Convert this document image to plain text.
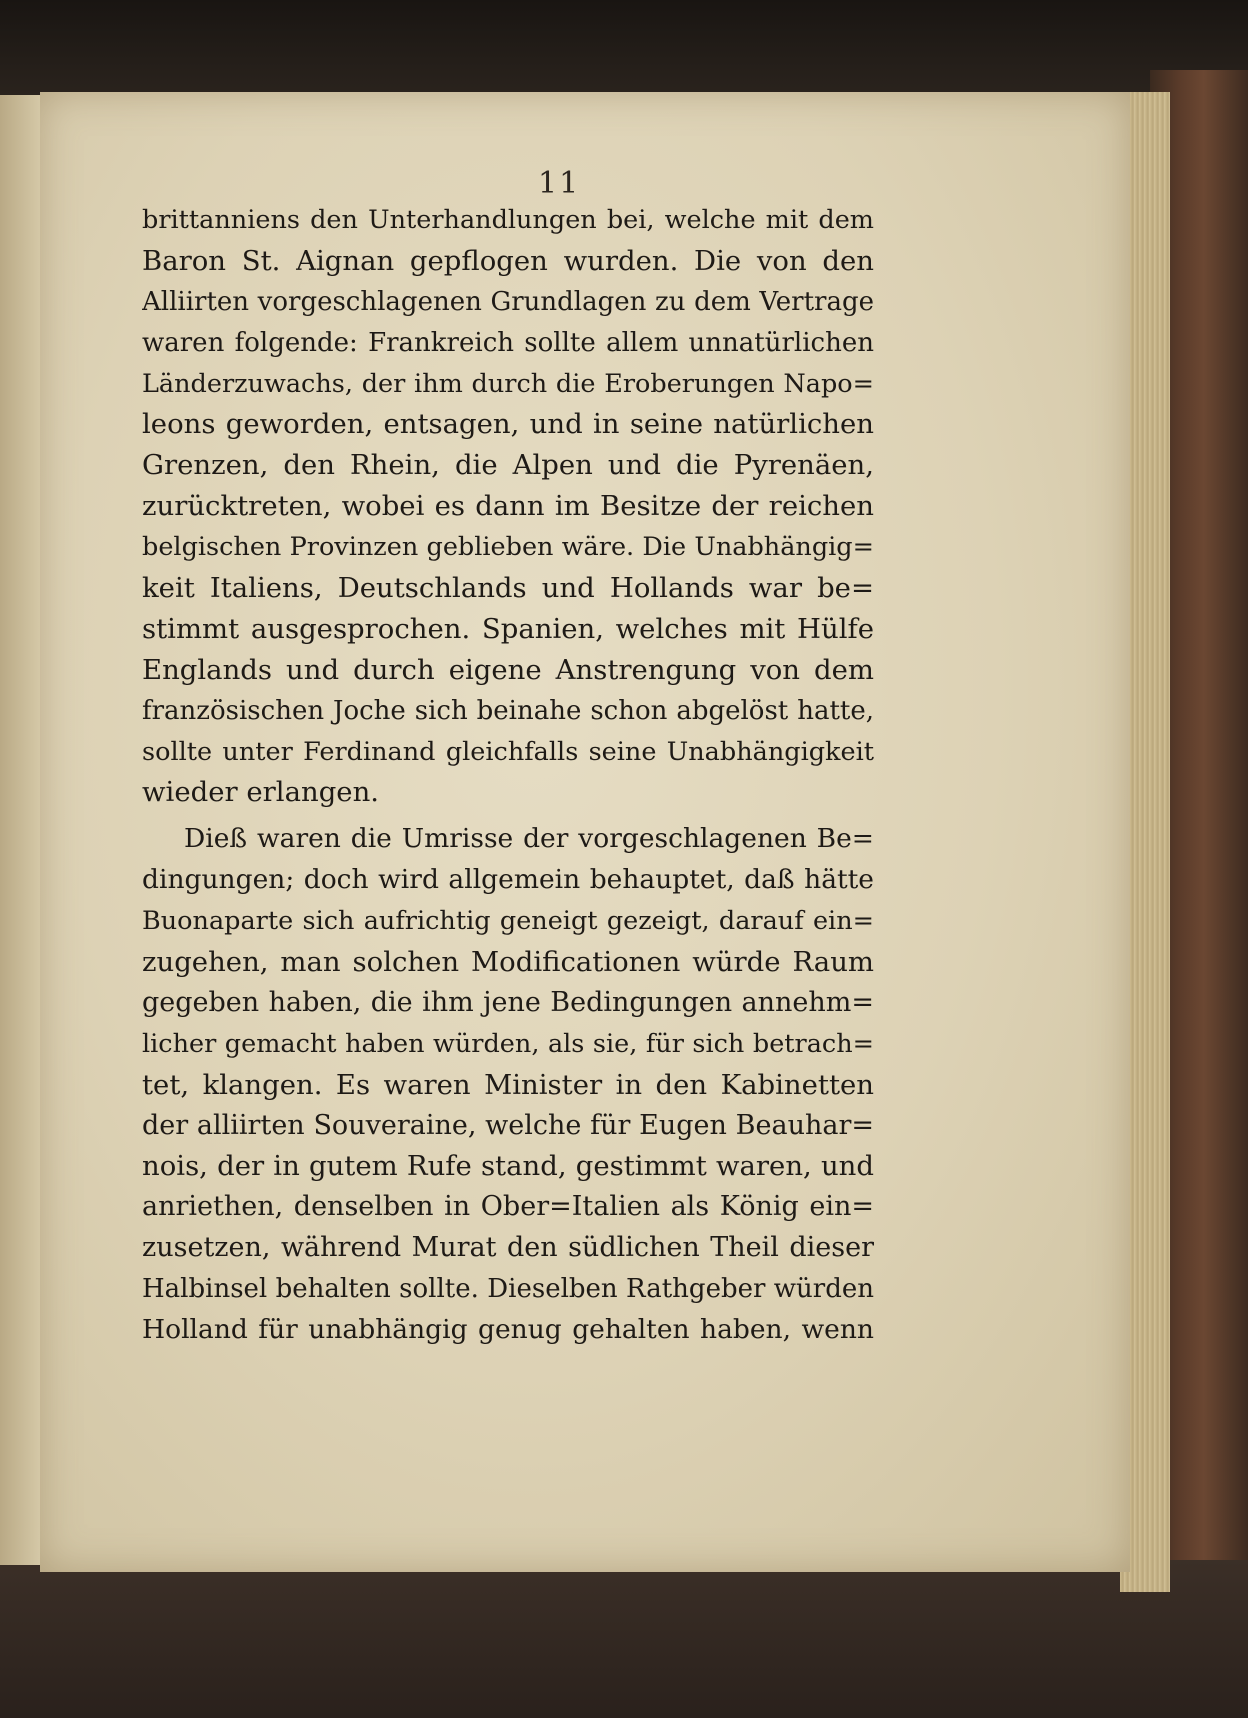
11
brittanniens den Unterhandlungen bei, welche mit dem
Baron St. Aignan gepflogen wurden. Die von den
Alliirten vorgeschlagenen Grundlagen zu dem Vertrage
waren folgende: Frankreich sollte allem unnatürlichen
Länderzuwachs, der ihm durch die Eroberungen Napo=
leons geworden, entsagen, und in seine natürlichen
Grenzen, den Rhein, die Alpen und die Pyrenäen,
zurücktreten, wobei es dann im Besitze der reichen
belgischen Provinzen geblieben wäre. Die Unabhängig=
keit Italiens, Deutschlands und Hollands war be=
stimmt ausgesprochen. Spanien, welches mit Hülfe
Englands und durch eigene Anstrengung von dem
französischen Joche sich beinahe schon abgelöst hatte,
sollte unter Ferdinand gleichfalls seine Unabhängigkeit
wieder erlangen.
Dieß waren die Umrisse der vorgeschlagenen Be=
dingungen; doch wird allgemein behauptet, daß hätte
Buonaparte sich aufrichtig geneigt gezeigt, darauf ein=
zugehen, man solchen Modificationen würde Raum
gegeben haben, die ihm jene Bedingungen annehm=
licher gemacht haben würden, als sie, für sich betrach=
tet, klangen. Es waren Minister in den Kabinetten
der alliirten Souveraine, welche für Eugen Beauhar=
nois, der in gutem Rufe stand, gestimmt waren, und
anriethen, denselben in Ober=Italien als König ein=
zusetzen, während Murat den südlichen Theil dieser
Halbinsel behalten sollte. Dieselben Rathgeber würden
Holland für unabhängig genug gehalten haben, wenn
